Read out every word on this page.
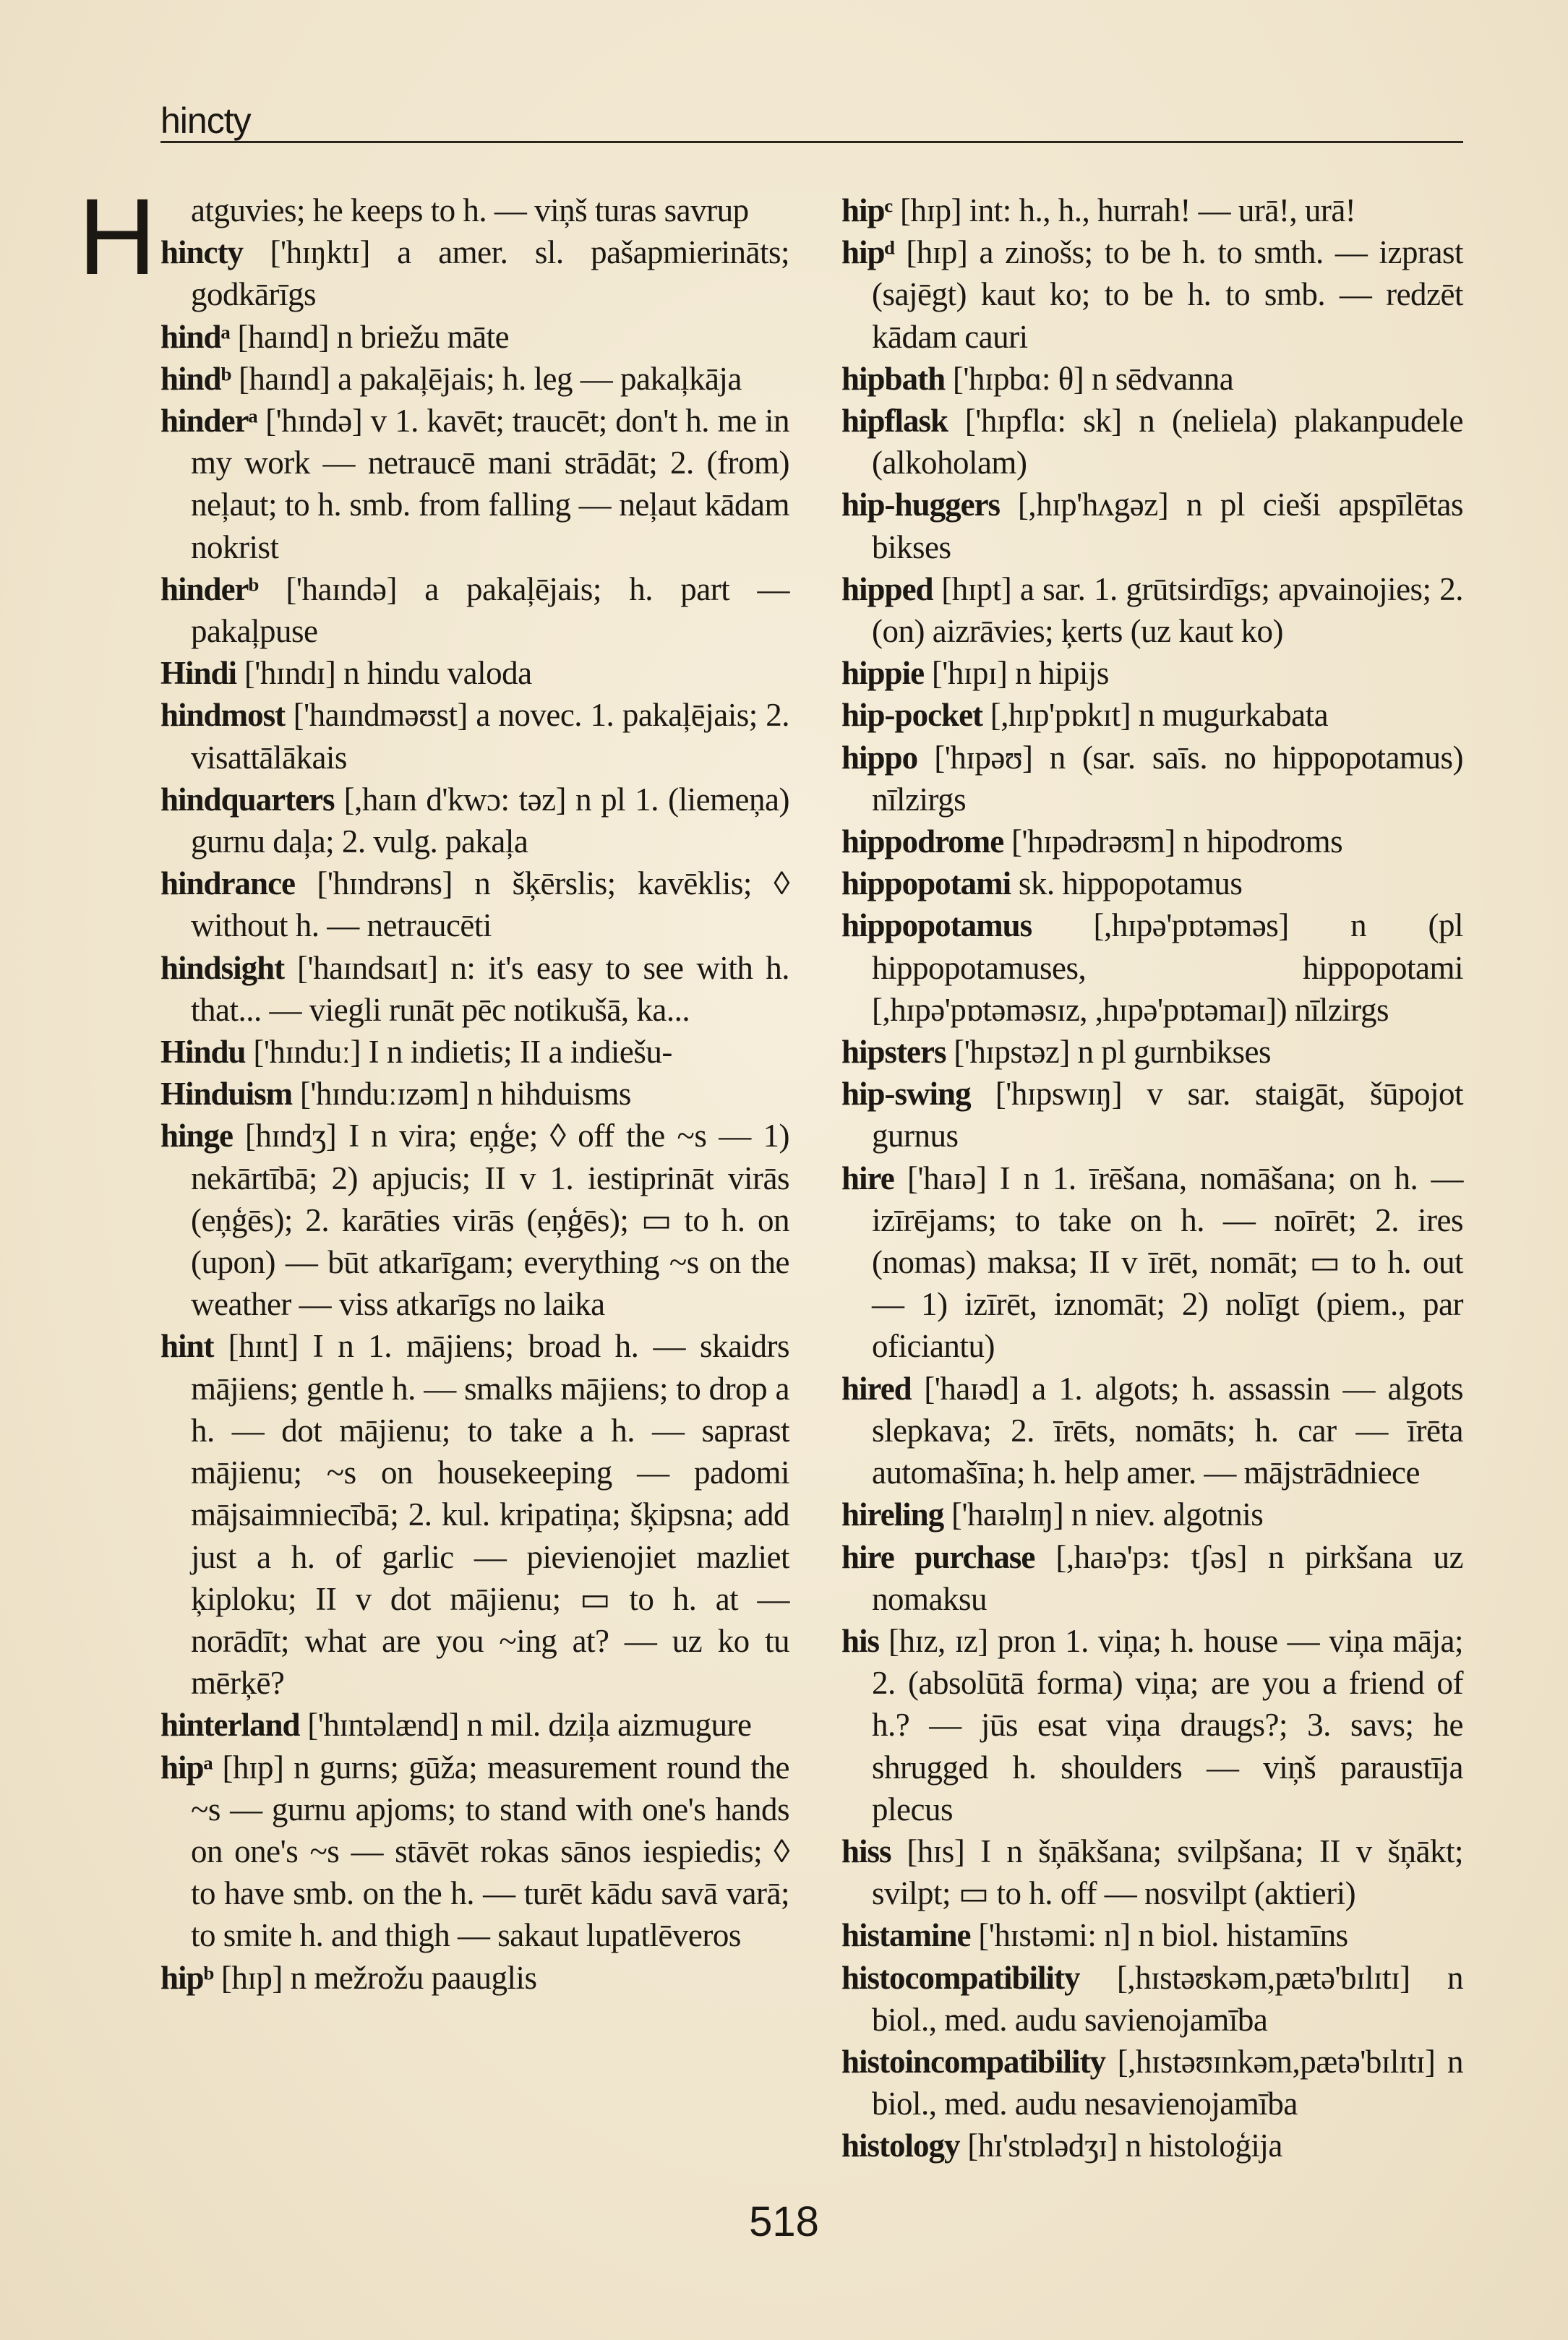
hincty
H	atguvies; he keeps to h. — viņš turas savrup

hincty ['hɪŋktɪ] a amer. sl. pašapmierināts; godkārīgs

hindᵃ [haɪnd] n briežu māte

hindᵇ [haɪnd] a pakaļējais; h. leg — pakaļkāja

hinderᵃ ['hɪndə] v 1. kavēt; traucēt; don't h. me in my work — netraucē mani strādāt; 2. (from) neļaut; to h. smb. from falling — neļaut kādam nokrist

hinderᵇ ['haɪndə] a pakaļējais; h. part — pakaļpuse

Hindi ['hɪndɪ] n hindu valoda

hindmost ['haɪndməʊst] a novec. 1. pakaļējais; 2. visattālākais

hindquarters [,haɪn d'kwɔ: təz] n pl 1. (liemeņa) gurnu daļa; 2. vulg. pakaļa

hindrance ['hɪndrəns] n šķērslis; kavēklis; ◊ without h. — netraucēti

hindsight ['haɪndsaɪt] n: it's easy to see with h. that... — viegli runāt pēc notikušā, ka...

Hindu ['hɪnduː] I n indietis; II a indiešu-

Hinduism ['hɪnduːɪzəm] n hihduisms

hinge [hɪndʒ] I n vira; eņģe; ◊ off the ~s — 1) nekārtībā; 2) apjucis; II v 1. iestiprināt virās (eņģēs); 2. karāties virās (eņģēs); ▭ to h. on (upon) — būt atkarīgam; everything ~s on the weather — viss atkarīgs no laika

hint [hɪnt] I n 1. mājiens; broad h. — skaidrs mājiens; gentle h. — smalks mājiens; to drop a h. — dot mājienu; to take a h. — saprast mājienu; ~s on housekeeping — padomi mājsaimniecībā; 2. kul. kripatiņa; šķipsna; add just a h. of garlic — pievienojiet mazliet ķiploku; II v dot mājienu; ▭ to h. at — norādīt; what are you ~ing at? — uz ko tu mērķē?

hinterland ['hɪntəlænd] n mil. dziļa aizmugure

hipᵃ [hɪp] n gurns; gūža; measurement round the ~s — gurnu apjoms; to stand with one's hands on one's ~s — stāvēt rokas sānos iespiedis; ◊ to have smb. on the h. — turēt kādu savā varā; to smite h. and thigh — sakaut lupatlēveros

hipᵇ [hɪp] n mežrožu paauglis

hipᶜ [hɪp] int: h., h., hurrah! — urā!, urā!

hipᵈ [hɪp] a zinošs; to be h. to smth. — izprast (sajēgt) kaut ko; to be h. to smb. — redzēt kādam cauri

hipbath ['hɪpbɑ: θ] n sēdvanna

hipflask ['hɪpflɑ: sk] n (neliela) plakanpudele (alkoholam)

hip-huggers [,hɪp'hʌgəz] n pl cieši apspīlētas bikses

hipped [hɪpt] a sar. 1. grūtsirdīgs; apvainojies; 2. (on) aizrāvies; ķerts (uz kaut ko)

hippie ['hɪpɪ] n hipijs

hip-pocket [,hɪp'pɒkɪt] n mugurkabata

hippo ['hɪpəʊ] n (sar. saīs. no hippopotamus) nīlzirgs

hippodrome ['hɪpədrəʊm] n hipodroms

hippopotami sk. hippopotamus

hippopotamus [,hɪpə'pɒtəməs] n (pl hippopotamuses, hippopotami [,hɪpə'pɒtəməsɪz, ,hɪpə'pɒtəmaɪ]) nīlzirgs

hipsters ['hɪpstəz] n pl gurnbikses

hip-swing ['hɪpswɪŋ] v sar. staigāt, šūpojot gurnus

hire ['haɪə] I n 1. īrēšana, nomāšana; on h. — izīrējams; to take on h. — noīrēt; 2. ires (nomas) maksa; II v īrēt, nomāt; ▭ to h. out — 1) izīrēt, iznomāt; 2) nolīgt (piem., par oficiantu)

hired ['haɪəd] a 1. algots; h. assassin — algots slepkava; 2. īrēts, nomāts; h. car — īrēta automašīna; h. help amer. — mājstrādniece

hireling ['haɪəlɪŋ] n niev. algotnis

hire purchase [,haɪə'pɜ: tʃəs] n pirkšana uz nomaksu

his [hɪz, ɪz] pron 1. viņa; h. house — viņa māja; 2. (absolūtā forma) viņa; are you a friend of h.? — jūs esat viņa draugs?; 3. savs; he shrugged h. shoulders — viņš paraustīja plecus

hiss [hɪs] I n šņākšana; svilpšana; II v šņākt; svilpt; ▭ to h. off — nosvilpt (aktieri)

histamine ['hɪstəmi: n] n biol. histamīns

histocompatibility [,hɪstəʊkəm,pætə'bɪlɪtɪ] n biol., med. audu savienojamība

histoincompatibility [,hɪstəʊɪnkəm,pætə'bɪlɪtɪ] n biol., med. audu nesavienojamība

histology [hɪ'stɒlədʒɪ] n histoloģija

518
